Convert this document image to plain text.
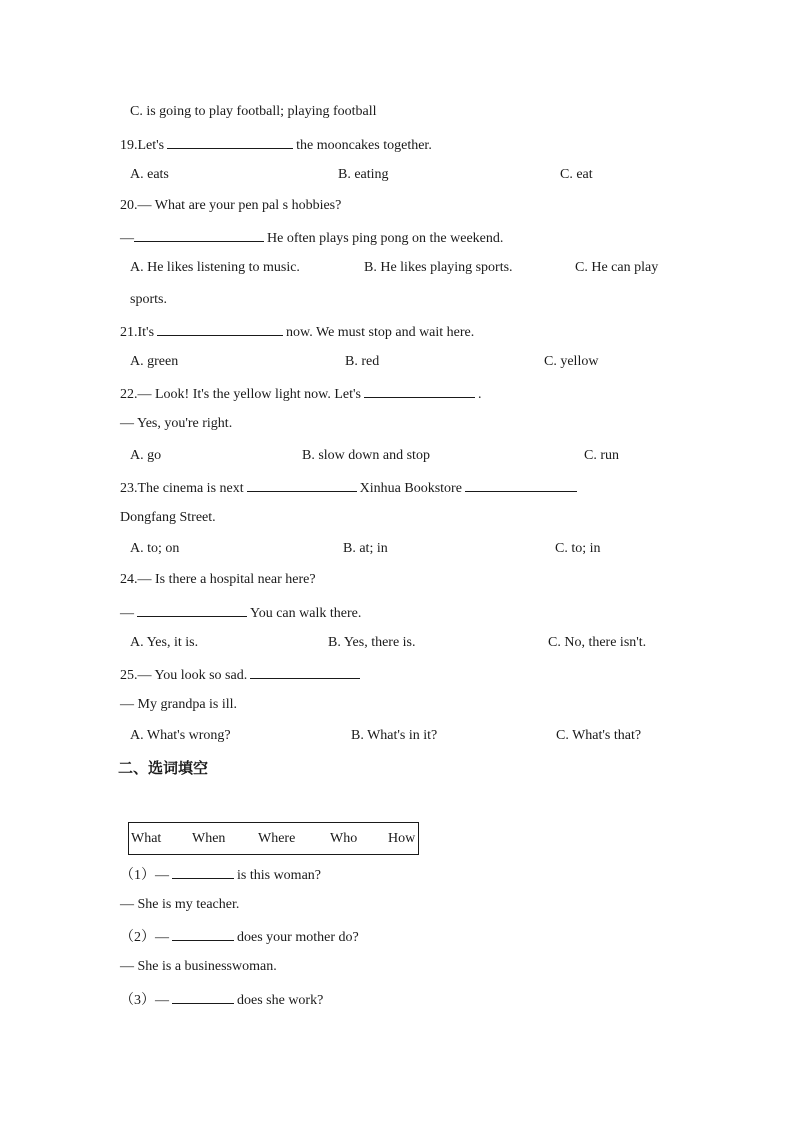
C. is going to play football; playing football
19.Let's	the mooncakes together.
A. eats	B. eating	C. eat
20.— What are your pen pal s hobbies?
—	He often plays ping pong on the weekend.
A. He likes listening to music.	B. He likes playing sports.	C. He can play
sports.
21.It's	now. We must stop and wait here.
A. green	B. red	C. yellow
22.— Look! It's the yellow light now. Let's	.
— Yes, you're right.
A. go	B. slow down and stop	C. run
23.The cinema is next	Xinhua Bookstore
Dongfang Street.
A. to; on	B. at; in	C. to; in
24.— Is there a hospital near here?
—	You can walk there.
A. Yes, it is.	B. Yes, there is.	C. No, there isn't.
25.— You look so sad.
— My grandpa is ill.
A. What's wrong?	B. What's in it?	C. What's that?
二、选词填空
What When Where Who How
（1）—	is this woman?
— She is my teacher.
（2）—	does your mother do?
— She is a businesswoman.
（3）—	does she work?
